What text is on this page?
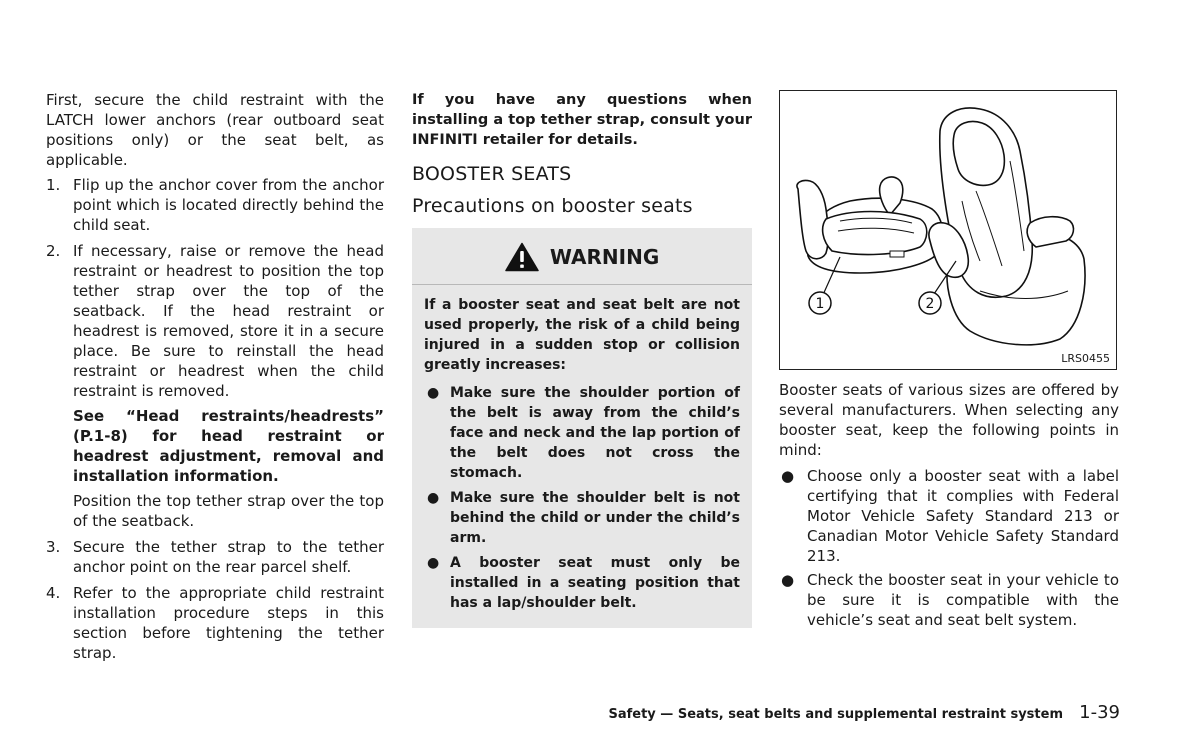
First, secure the child restraint with the LATCH lower anchors (rear outboard seat positions only) or the seat belt, as applicable.

1. Flip up the anchor cover from the anchor point which is located directly behind the child seat.
2. If necessary, raise or remove the head restraint or headrest to position the top tether strap over the top of the seatback. If the head restraint or headrest is removed, store it in a secure place. Be sure to reinstall the head restraint or headrest when the child restraint is removed.

See “Head restraints/headrests” (P.1-8) for head restraint or headrest adjustment, removal and installation information.

Position the top tether strap over the top of the seatback.

3. Secure the tether strap to the tether anchor point on the rear parcel shelf.
4. Refer to the appropriate child restraint installation procedure steps in this section before tightening the tether strap.

If you have any questions when installing a top tether strap, consult your INFINITI retailer for details.

BOOSTER SEATS
Precautions on booster seats
WARNING

If a booster seat and seat belt are not used properly, the risk of a child being injured in a sudden stop or collision greatly increases:

● Make sure the shoulder portion of the belt is away from the child’s face and neck and the lap portion of the belt does not cross the stomach.
● Make sure the shoulder belt is not behind the child or under the child’s arm.
● A booster seat must only be installed in a seating position that has a lap/shoulder belt.
1	2
LRS0455

Booster seats of various sizes are offered by several manufacturers. When selecting any booster seat, keep the following points in mind:

● Choose only a booster seat with a label certifying that it complies with Federal Motor Vehicle Safety Standard 213 or Canadian Motor Vehicle Safety Standard 213.
● Check the booster seat in your vehicle to be sure it is compatible with the vehicle’s seat and seat belt system.
Safety — Seats, seat belts and supplemental restraint system 1-39
